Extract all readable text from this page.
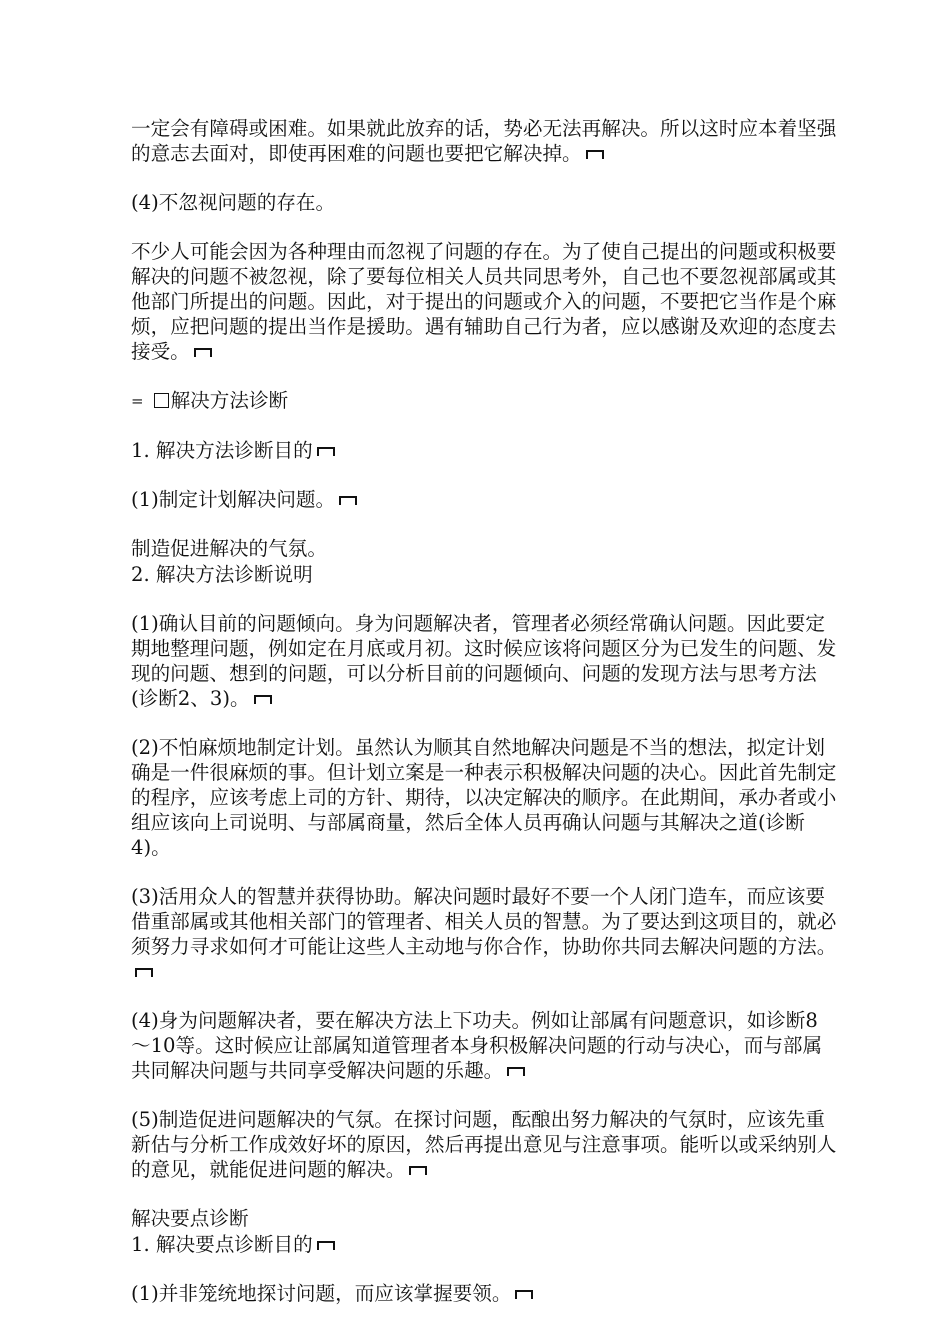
一定会有障碍或困难。如果就此放弃的话，势必无法再解决。所以这时应本着坚强的意志去面对，即使再困难的问题也要把它解决掉。

(4)不忽视问题的存在。

不少人可能会因为各种理由而忽视了问题的存在。为了使自己提出的问题或积极要解决的问题不被忽视，除了要每位相关人员共同思考外，自己也不要忽视部属或其他部门所提出的问题。因此，对于提出的问题或介入的问题，不要把它当作是个麻烦，应把问题的提出当作是援助。遇有辅助自己行为者，应以感谢及欢迎的态度去接受。

= 解决方法诊断

1. 解决方法诊断目的

(1)制定计划解决问题。

制造促进解决的气氛。

2. 解决方法诊断说明

(1)确认目前的问题倾向。身为问题解决者，管理者必须经常确认问题。因此要定期地整理问题，例如定在月底或月初。这时候应该将问题区分为已发生的问题、发现的问题、想到的问题，可以分析目前的问题倾向、问题的发现方法与思考方法(诊断2、3)。

(2)不怕麻烦地制定计划。虽然认为顺其自然地解决问题是不当的想法，拟定计划确是一件很麻烦的事。但计划立案是一种表示积极解决问题的决心。因此首先制定的程序，应该考虑上司的方针、期待，以决定解决的顺序。在此期间，承办者或小组应该向上司说明、与部属商量，然后全体人员再确认问题与其解决之道(诊断4)。

(3)活用众人的智慧并获得协助。解决问题时最好不要一个人闭门造车，而应该要借重部属或其他相关部门的管理者、相关人员的智慧。为了要达到这项目的，就必须努力寻求如何才可能让这些人主动地与你合作，协助你共同去解决问题的方法。

(4)身为问题解决者，要在解决方法上下功夫。例如让部属有问题意识，如诊断8～10等。这时候应让部属知道管理者本身积极解决问题的行动与决心，而与部属共同解决问题与共同享受解决问题的乐趣。

(5)制造促进问题解决的气氛。在探讨问题，酝酿出努力解决的气氛时，应该先重新估与分析工作成效好坏的原因，然后再提出意见与注意事项。能听以或采纳别人的意见，就能促进问题的解决。

解决要点诊断

1. 解决要点诊断目的

(1)并非笼统地探讨问题，而应该掌握要领。
